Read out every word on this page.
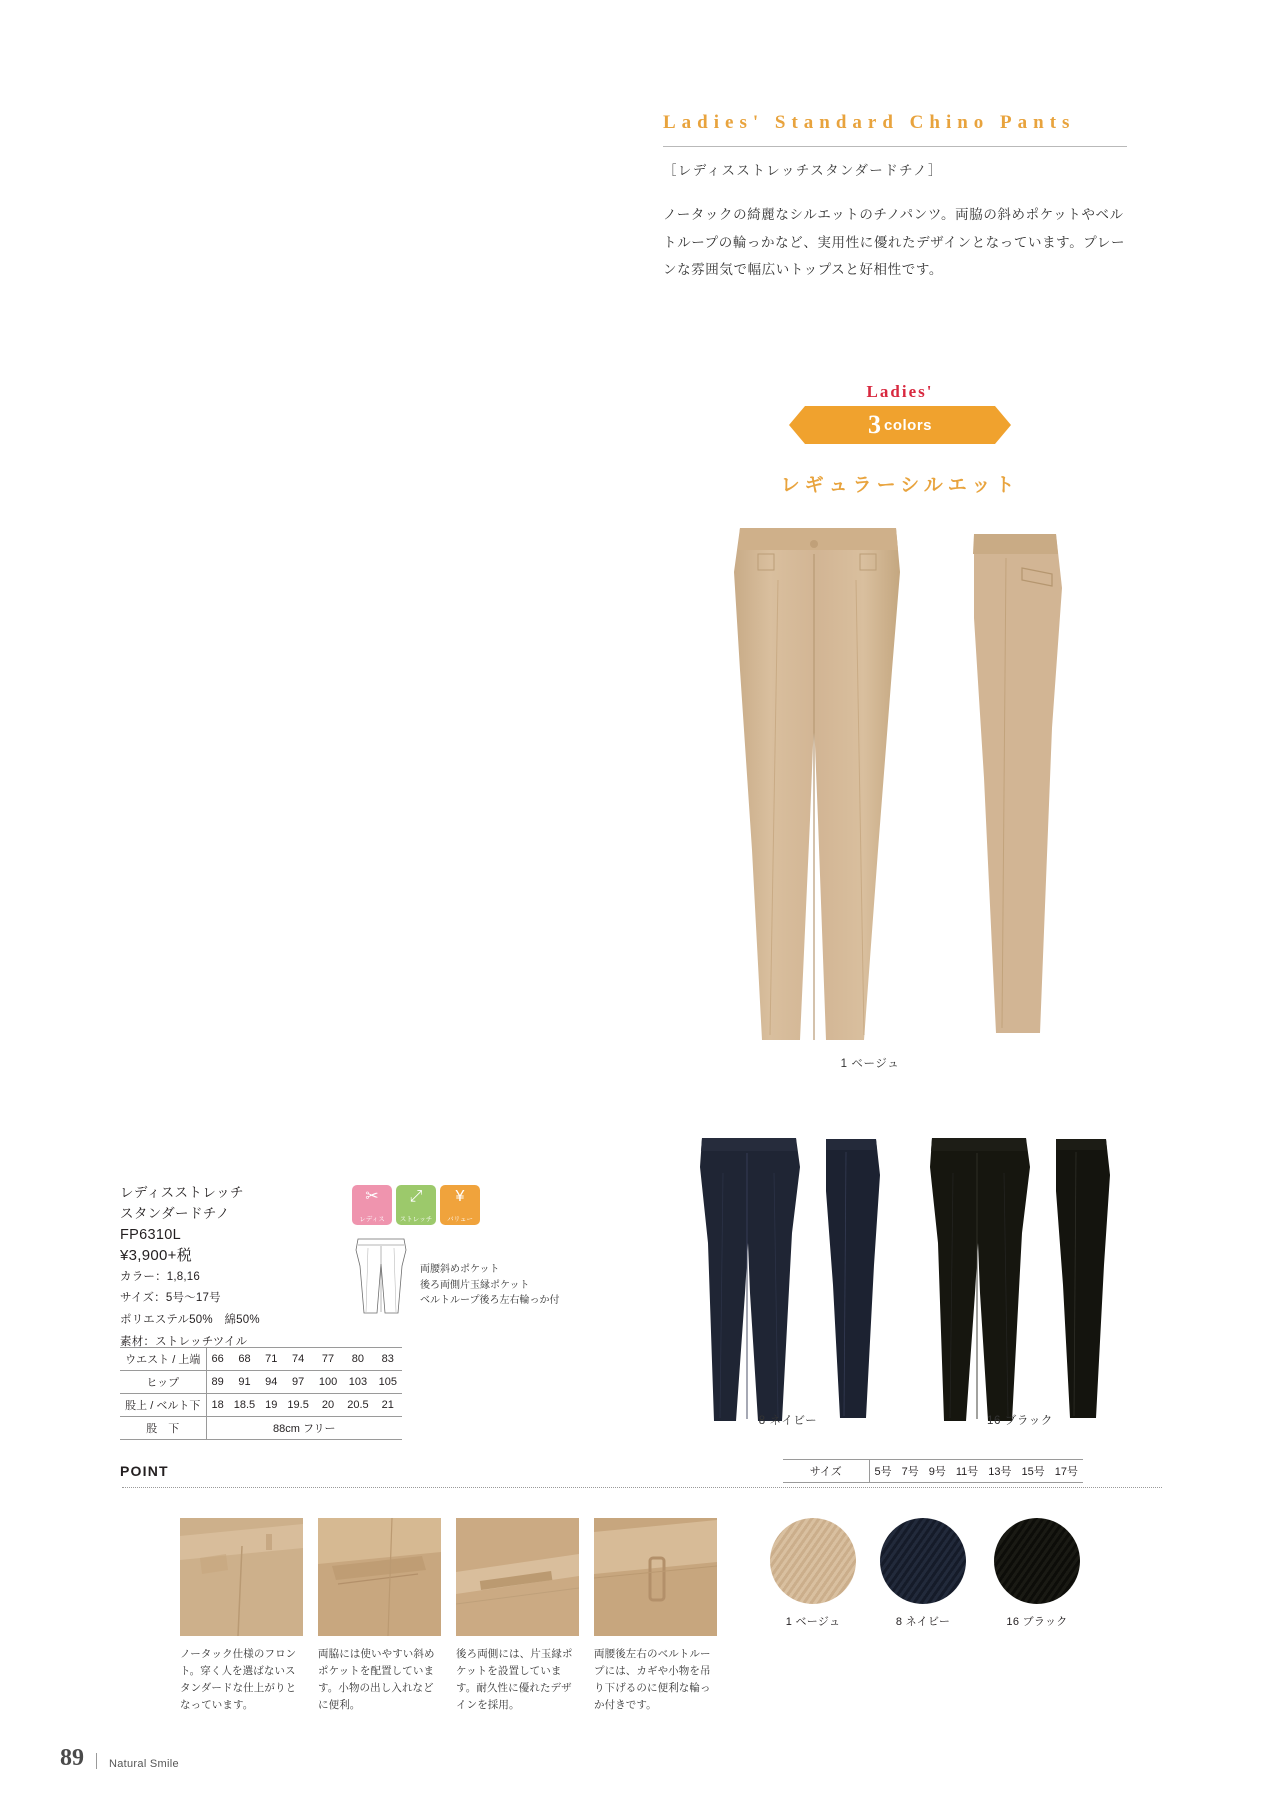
Ladies' Standard Chino Pants
［レディスストレッチスタンダードチノ］
ノータックの綺麗なシルエットのチノパンツ。両脇の斜めポケットやベルトループの輪っかなど、実用性に優れたデザインとなっています。プレーンな雰囲気で幅広いトップスと好相性です。
Ladies'
3 colors
レギュラーシルエット
1 ベージュ
8 ネイビー	16 ブラック
レディスストレッチ
スタンダードチノ
FP6310L
¥3,900+税
カラー：1,8,16
サイズ：5号〜17号
ポリエステル50%　綿50%
素材：ストレッチツイル
✂
レディス
⤢
ストレッチ
¥
バリュー
両腰斜めポケット
後ろ両側片玉縁ポケット
ベルトループ後ろ左右輪っか付
サイズ	5号	7号	9号	11号	13号	15号	17号
ウエスト / 上端	66	68	71	74	77	80	83
ヒップ	89	91	94	97	100	103	105
股上 / ベルト下	18	18.5	19	19.5	20	20.5	21
股　下	88cm フリー
POINT
ノータック仕様のフロント。穿く人を選ばないスタンダードな仕上がりとなっています。
両脇には使いやすい斜めポケットを配置しています。小物の出し入れなどに便利。
後ろ両側には、片玉縁ポケットを設置しています。耐久性に優れたデザインを採用。
両腰後左右のベルトループには、カギや小物を吊り下げるのに便利な輪っか付きです。
1 ベージュ	8 ネイビー	16 ブラック
89 Natural Smile
